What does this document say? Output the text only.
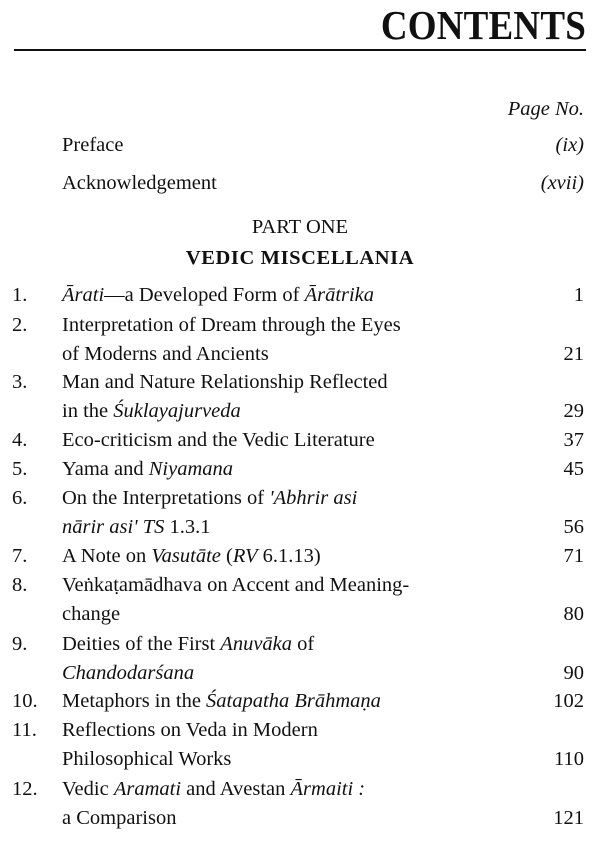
CONTENTS
Page No.
Preface	(ix)
Acknowledgement	(xvii)
PART ONE
VEDIC MISCELLANIA
1. Ārati—a Developed Form of Ārātrika	1
2. Interpretation of Dream through the Eyes
of Moderns and Ancients	21
3. Man and Nature Relationship Reflected
in the Śuklayajurveda	29
4. Eco-criticism and the Vedic Literature	37
5. Yama and Niyamana	45
6. On the Interpretations of 'Abhrir asi
nārir asi' TS 1.3.1	56
7. A Note on Vasutāte (RV 6.1.13)	71
8. Veṅkaṭamādhava on Accent and Meaning-
change	80
9. Deities of the First Anuvāka of
Chandodarśana	90
10. Metaphors in the Śatapatha Brāhmaṇa	102
11. Reflections on Veda in Modern
Philosophical Works	110
12. Vedic Aramati and Avestan Ārmaiti :
a Comparison	121
